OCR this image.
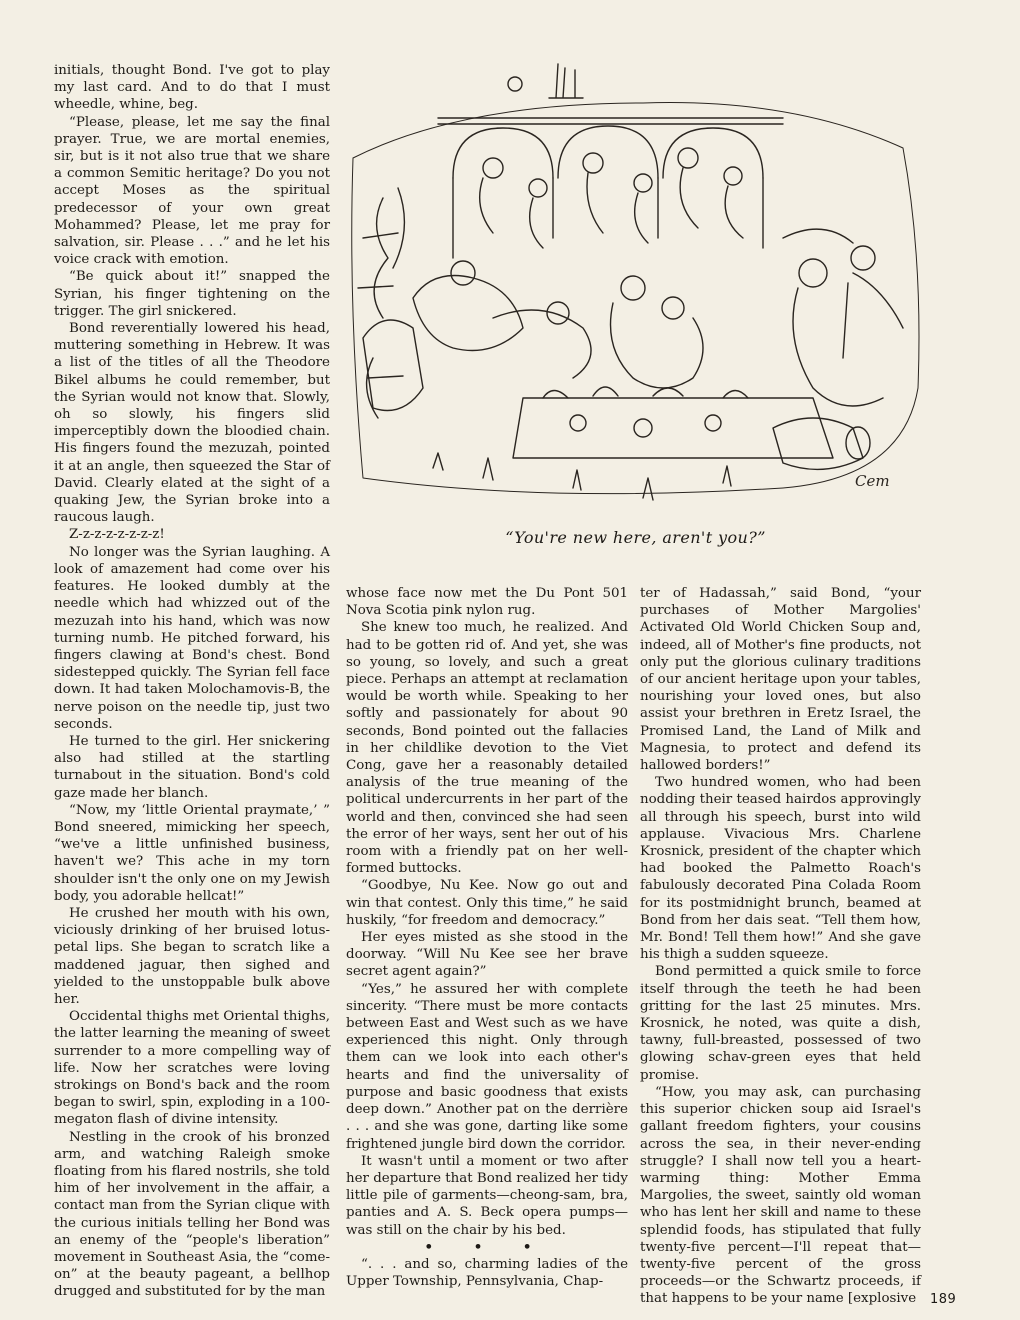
Cem
“You're new here, aren't you?”

initials, thought Bond. I've got to play my last card. And to do that I must wheedle, whine, beg.

“Please, please, let me say the final prayer. True, we are mortal enemies, sir, but is it not also true that we share a common Semitic heritage? Do you not accept Moses as the spiritual predecessor of your own great Mohammed? Please, let me pray for salvation, sir. Please . . .” and he let his voice crack with emotion.

“Be quick about it!” snapped the Syrian, his finger tightening on the trigger. The girl snickered.

Bond reverentially lowered his head, muttering something in Hebrew. It was a list of the titles of all the Theodore Bikel albums he could remember, but the Syrian would not know that. Slowly, oh so slowly, his fingers slid imperceptibly down the bloodied chain. His fingers found the mezuzah, pointed it at an angle, then squeezed the Star of David. Clearly elated at the sight of a quaking Jew, the Syrian broke into a raucous laugh.

Z-z-z-z-z-z-z-z!

No longer was the Syrian laughing. A look of amazement had come over his features. He looked dumbly at the needle which had whizzed out of the mezuzah into his hand, which was now turning numb. He pitched forward, his fingers clawing at Bond's chest. Bond sidestepped quickly. The Syrian fell face down. It had taken Molochamovis-B, the nerve poison on the needle tip, just two seconds.

He turned to the girl. Her snickering also had stilled at the startling turnabout in the situation. Bond's cold gaze made her blanch.

“Now, my ‘little Oriental praymate,’ ” Bond sneered, mimicking her speech, “we've a little unfinished business, haven't we? This ache in my torn shoulder isn't the only one on my Jewish body, you adorable hellcat!”

He crushed her mouth with his own, viciously drinking of her bruised lotus-petal lips. She began to scratch like a maddened jaguar, then sighed and yielded to the unstoppable bulk above her.

Occidental thighs met Oriental thighs, the latter learning the meaning of sweet surrender to a more compelling way of life. Now her scratches were loving strokings on Bond's back and the room began to swirl, spin, exploding in a 100-megaton flash of divine intensity.

Nestling in the crook of his bronzed arm, and watching Raleigh smoke floating from his flared nostrils, she told him of her involvement in the affair, a contact man from the Syrian clique with the curious initials telling her Bond was an enemy of the “people's liberation” movement in Southeast Asia, the “come-on” at the beauty pageant, a bellhop drugged and substituted for by the man

whose face now met the Du Pont 501 Nova Scotia pink nylon rug.

She knew too much, he realized. And had to be gotten rid of. And yet, she was so young, so lovely, and such a great piece. Perhaps an attempt at reclamation would be worth while. Speaking to her softly and passionately for about 90 seconds, Bond pointed out the fallacies in her childlike devotion to the Viet Cong, gave her a reasonably detailed analysis of the true meaning of the political undercurrents in her part of the world and then, convinced she had seen the error of her ways, sent her out of his room with a friendly pat on her well-formed buttocks.

“Goodbye, Nu Kee. Now go out and win that contest. Only this time,” he said huskily, “for freedom and democracy.”

Her eyes misted as she stood in the doorway. “Will Nu Kee see her brave secret agent again?”

“Yes,” he assured her with complete sincerity. “There must be more contacts between East and West such as we have experienced this night. Only through them can we look into each other's hearts and find the universality of purpose and basic goodness that exists deep down.” Another pat on the derrière . . . and she was gone, darting like some frightened jungle bird down the corridor.

It wasn't until a moment or two after her departure that Bond realized her tidy little pile of garments—cheong-sam, bra, panties and A. S. Beck opera pumps—was still on the chair by his bed.

• • •

“. . . and so, charming ladies of the Upper Township, Pennsylvania, Chap-

ter of Hadassah,” said Bond, “your purchases of Mother Margolies' Activated Old World Chicken Soup and, indeed, all of Mother's fine products, not only put the glorious culinary traditions of our ancient heritage upon your tables, nourishing your loved ones, but also assist your brethren in Eretz Israel, the Promised Land, the Land of Milk and Magnesia, to protect and defend its hallowed borders!”

Two hundred women, who had been nodding their teased hairdos approvingly all through his speech, burst into wild applause. Vivacious Mrs. Charlene Krosnick, president of the chapter which had booked the Palmetto Roach's fabulously decorated Pina Colada Room for its postmidnight brunch, beamed at Bond from her dais seat. “Tell them how, Mr. Bond! Tell them how!” And she gave his thigh a sudden squeeze.

Bond permitted a quick smile to force itself through the teeth he had been gritting for the last 25 minutes. Mrs. Krosnick, he noted, was quite a dish, tawny, full-breasted, possessed of two glowing schav-green eyes that held promise.

“How, you may ask, can purchasing this superior chicken soup aid Israel's gallant freedom fighters, your cousins across the sea, in their never-ending struggle? I shall now tell you a heart-warming thing: Mother Emma Margolies, the sweet, saintly old woman who has lent her skill and name to these splendid foods, has stipulated that fully twenty-five percent—I'll repeat that—twenty-five percent of the gross proceeds—or the Schwartz proceeds, if that happens to be your name [explosive	189
